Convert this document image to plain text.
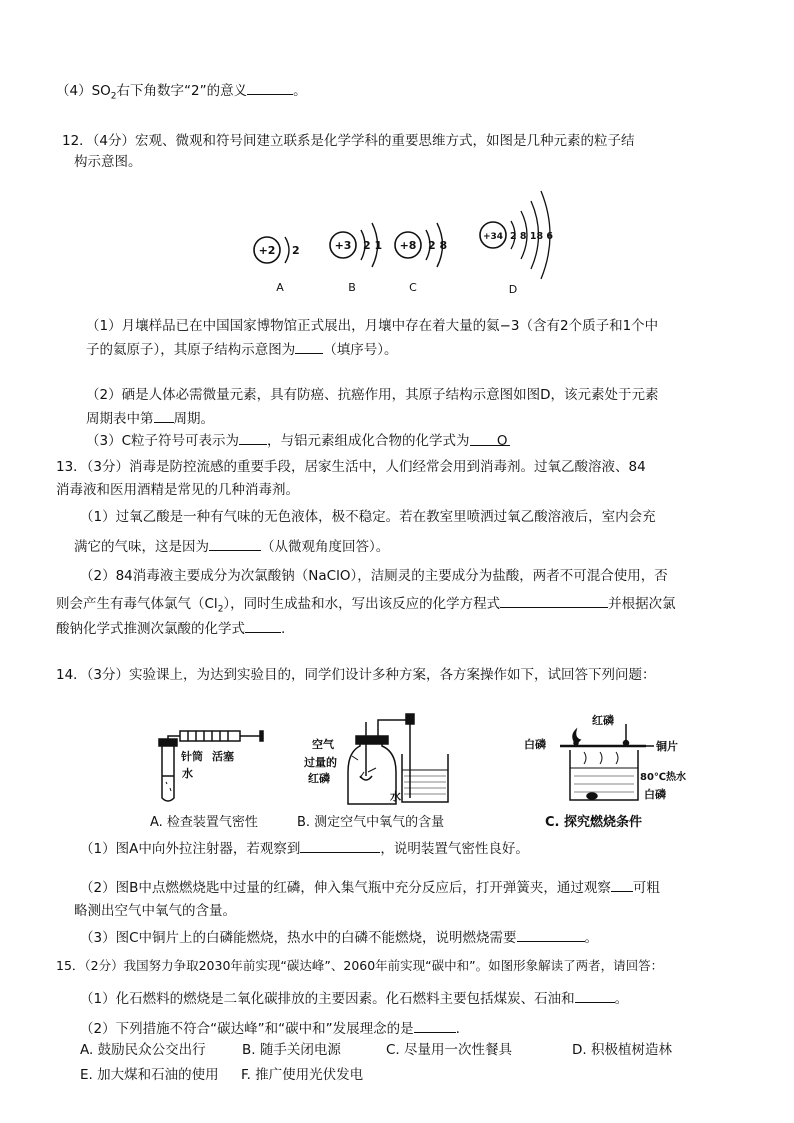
$(4)SO_2$右下角数字“2”的意义	。
12．（4分）宏观、微观和符号间建立联系是化学学科的重要思维方式，如图是几种元素的粒子结
构示意图。
+2 2
A
+3 2 1
B
+8 2 8
C
+34 2 8 18 6
D
（1）月壤样品已在中国国家博物馆正式展出，月壤中存在着大量的氦−3（含有2个质子和1个中
子的氦原子），其原子结构示意图为 （填序号）。
（2）硒是人体必需微量元素，具有防癌、抗癌作用，其原子结构示意图如图D，该元素处于元素
周期表中第 周期。
（3）C粒子符号可表示为 ，与铝元素组成化合物的化学式为 O
13．（3分）消毒是防控流感的重要手段，居家生活中，人们经常会用到消毒剂。过氧乙酸溶液、84
消毒液和医用酒精是常见的几种消毒剂。
（1）过氧乙酸是一种有气味的无色液体，极不稳定。若在教室里喷洒过氧乙酸溶液后，室内会充
满它的气味，这是因为	（从微观角度回答）。
（2）84消毒液主要成分为次氯酸钠（NaClO），洁厕灵的主要成分为盐酸，两者不可混合使用，否
则会产生有毒气体氯气$(Cl_2)$，同时生成盐和水，写出该反应的化学方程式	并根据次氯
酸钠化学式推测次氯酸的化学式	.
14．（3分）实验课上，为达到实验目的，同学们设计多种方案，各方案操作如下，试回答下列问题：
针筒 活塞
水
A. 检查装置气密性
空气
过量的
红磷
水
B. 测定空气中氧气的含量
红磷
白磷	铜片
80℃热水
白磷
C. 探究燃烧条件
（1）图A中向外拉注射器，若观察到	，说明装置气密性良好。
（2）图B中点燃燃烧匙中过量的红磷，伸入集气瓶中充分反应后，打开弹簧夹，通过观察 可粗
略测出空气中氧气的含量。
（3）图C中铜片上的白磷能燃烧，热水中的白磷不能燃烧，说明燃烧需要	。
15．（2分）我国努力争取2030年前实现“碳达峰”、2060年前实现“碳中和”。如图形象解读了两者，请回答：
（1）化石燃料的燃烧是二氧化碳排放的主要因素。化石燃料主要包括煤炭、石油和	。
（2）下列措施不符合“碳达峰”和“碳中和”发展理念的是	.
A. 鼓励民众公交出行	B. 随手关闭电源	C. 尽量用一次性餐具	D. 积极植树造林
E. 加大煤和石油的使用 F. 推广使用光伏发电
